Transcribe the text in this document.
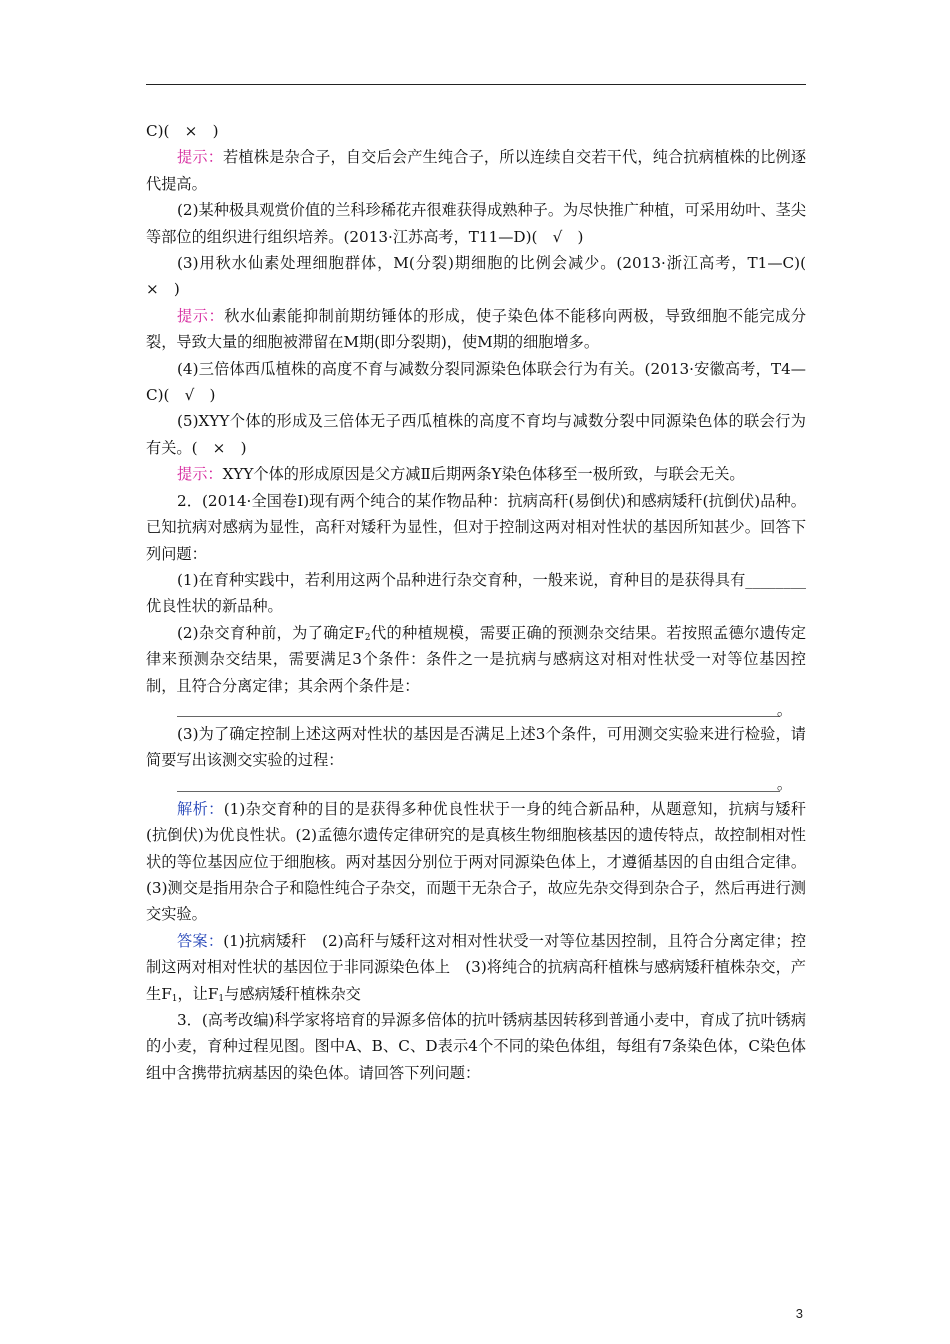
C)(　×　)

提示：若植株是杂合子，自交后会产生纯合子，所以连续自交若干代，纯合抗病植株的比例逐代提高。

(2)某种极具观赏价值的兰科珍稀花卉很难获得成熟种子。为尽快推广种植，可采用幼叶、茎尖等部位的组织进行组织培养。(2013·江苏高考，T11—D)(　√　)

(3)用秋水仙素处理细胞群体，M(分裂)期细胞的比例会减少。(2013·浙江高考，T1—C)(　×　)

提示：秋水仙素能抑制前期纺锤体的形成，使子染色体不能移向两极，导致细胞不能完成分裂，导致大量的细胞被滞留在M期(即分裂期)，使M期的细胞增多。

(4)三倍体西瓜植株的高度不育与减数分裂同源染色体联会行为有关。(2013·安徽高考，T4—C)(　√　)

(5)XYY个体的形成及三倍体无子西瓜植株的高度不育均与减数分裂中同源染色体的联会行为有关。(　×　)

提示：XYY个体的形成原因是父方减Ⅱ后期两条Y染色体移至一极所致，与联会无关。

2．(2014·全国卷Ⅰ)现有两个纯合的某作物品种：抗病高秆(易倒伏)和感病矮秆(抗倒伏)品种。已知抗病对感病为显性，高秆对矮秆为显性，但对于控制这两对相对性状的基因所知甚少。回答下列问题：

(1)在育种实践中，若利用这两个品种进行杂交育种，一般来说，育种目的是获得具有________优良性状的新品种。

(2)杂交育种前，为了确定$F_2$代的种植规模，需要正确的预测杂交结果。若按照孟德尔遗传定律来预测杂交结果，需要满足3个条件：条件之一是抗病与感病这对相对性状受一对等位基因控制，且符合分离定律；其余两个条件是：

。

(3)为了确定控制上述这两对性状的基因是否满足上述3个条件，可用测交实验来进行检验，请简要写出该测交实验的过程：

。

解析：(1)杂交育种的目的是获得多种优良性状于一身的纯合新品种，从题意知，抗病与矮秆(抗倒伏)为优良性状。(2)孟德尔遗传定律研究的是真核生物细胞核基因的遗传特点，故控制相对性状的等位基因应位于细胞核。两对基因分别位于两对同源染色体上，才遵循基因的自由组合定律。(3)测交是指用杂合子和隐性纯合子杂交，而题干无杂合子，故应先杂交得到杂合子，然后再进行测交实验。

答案：(1)抗病矮秆　(2)高秆与矮秆这对相对性状受一对等位基因控制，且符合分离定律；控制这两对相对性状的基因位于非同源染色体上　(3)将纯合的抗病高秆植株与感病矮秆植株杂交，产生$F_1$，让$F_1$与感病矮秆植株杂交

3．(高考改编)科学家将培育的异源多倍体的抗叶锈病基因转移到普通小麦中，育成了抗叶锈病的小麦，育种过程见图。图中A、B、C、D表示4个不同的染色体组，每组有7条染色体，C染色体组中含携带抗病基因的染色体。请回答下列问题：

3
